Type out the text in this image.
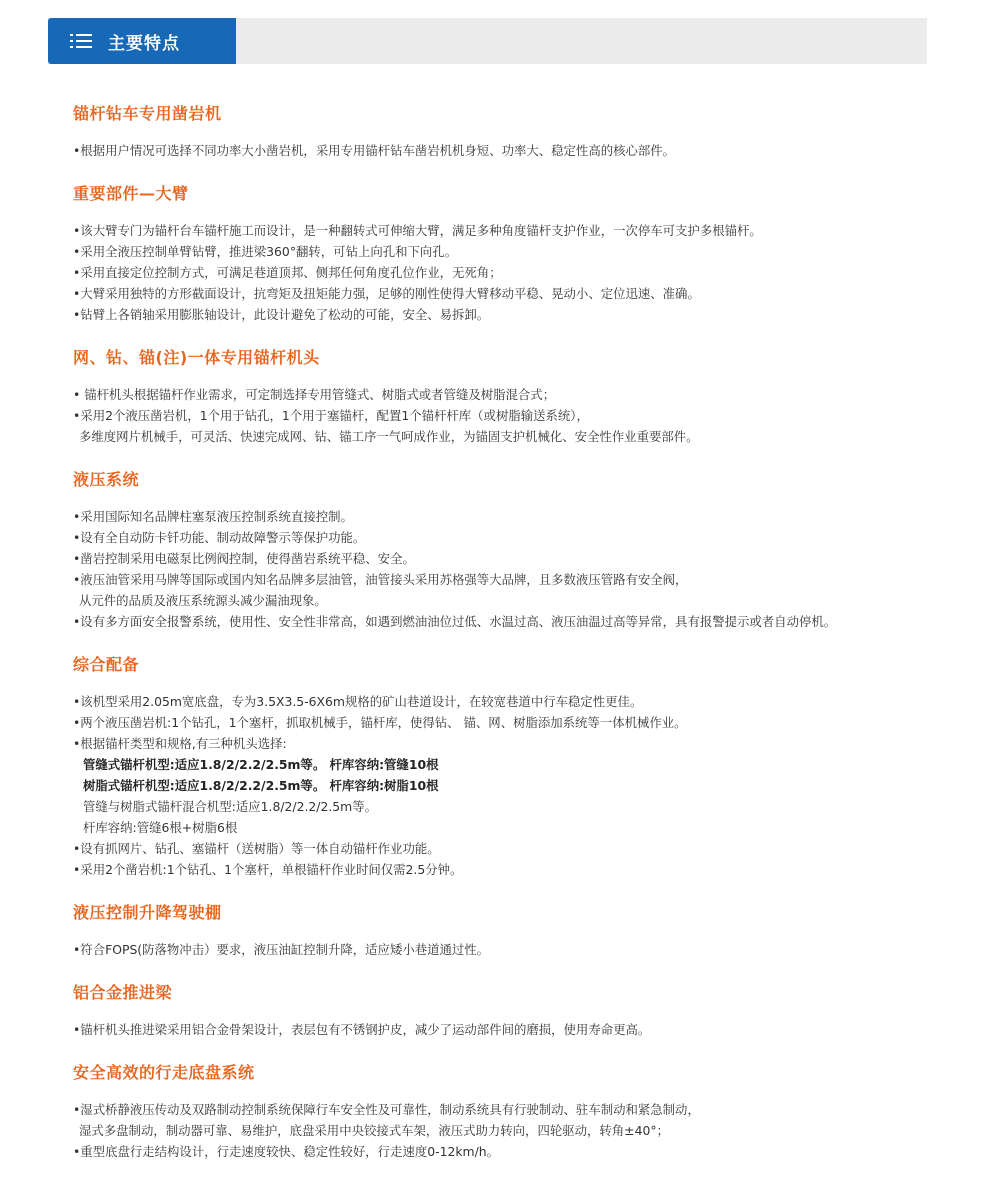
主要特点
锚杆钻车专用凿岩机
•根据用户情况可选择不同功率大小凿岩机，采用专用锚杆钻车凿岩机机身短、功率大、稳定性高的核心部件。
重要部件—大臂
•该大臂专门为锚杆台车锚杆施工而设计，是一种翻转式可伸缩大臂，满足多种角度锚杆支护作业，一次停车可支护多根锚杆。
•采用全液压控制单臂钻臂，推进梁360°翻转，可钻上向孔和下向孔。
•采用直接定位控制方式，可满足巷道顶邦、侧邦任何角度孔位作业，无死角；
•大臂采用独特的方形截面设计，抗弯矩及扭矩能力强，足够的刚性使得大臂移动平稳、晃动小、定位迅速、准确。
•钻臂上各销轴采用膨胀轴设计，此设计避免了松动的可能，安全、易拆卸。
网、钻、锚(注)一体专用锚杆机头
• 锚杆机头根据锚杆作业需求，可定制选择专用管缝式、树脂式或者管缝及树脂混合式；
•采用2个液压凿岩机，1个用于钻孔，1个用于塞锚杆，配置1个锚杆杆库（或树脂输送系统），
多维度网片机械手，可灵活、快速完成网、钻、锚工序一气呵成作业，为锚固支护机械化、安全性作业重要部件。
液压系统
•采用国际知名品牌柱塞泵液压控制系统直接控制。
•设有全自动防卡钎功能、制动故障警示等保护功能。
•凿岩控制采用电磁泵比例阀控制，使得凿岩系统平稳、安全。
•液压油管采用马牌等国际或国内知名品牌多层油管，油管接头采用苏格强等大品牌，且多数液压管路有安全阀，
从元件的品质及液压系统源头减少漏油现象。
•设有多方面安全报警系统，使用性、安全性非常高，如遇到燃油油位过低、水温过高、液压油温过高等异常，具有报警提示或者自动停机。
综合配备
•该机型采用2.05m宽底盘，专为3.5X3.5-6X6m规格的矿山巷道设计，在较宽巷道中行车稳定性更佳。
•两个液压凿岩机:1个钻孔，1个塞杆，抓取机械手，锚杆库，使得钻、 锚、网、树脂添加系统等一体机械作业。
•根据锚杆类型和规格,有三种机头选择:
管缝式锚杆机型:适应1.8/2/2.2/2.5m等。 杆库容纳:管缝10根
树脂式锚杆机型:适应1.8/2/2.2/2.5m等。 杆库容纳:树脂10根
管缝与树脂式锚杆混合机型:适应1.8/2/2.2/2.5m等。
杆库容纳:管缝6根+树脂6根
•设有抓网片、钻孔、塞锚杆（送树脂）等一体自动锚杆作业功能。
•采用2个凿岩机:1个钻孔、1个塞杆，单根锚杆作业时间仅需2.5分钟。
液压控制升降驾驶棚
•符合FOPS(防落物冲击）要求，液压油缸控制升降，适应矮小巷道通过性。
铝合金推进梁
•锚杆机头推进梁采用铝合金骨架设计，表层包有不锈钢护皮，减少了运动部件间的磨损，使用寿命更高。
安全高效的行走底盘系统
•湿式桥静液压传动及双路制动控制系统保障行车安全性及可靠性，制动系统具有行驶制动、驻车制动和紧急制动，
湿式多盘制动，制动器可靠、易维护，底盘采用中央铰接式车架，液压式助力转向，四轮驱动，转角±40°；
•重型底盘行走结构设计，行走速度较快、稳定性较好，行走速度0-12km/h。
